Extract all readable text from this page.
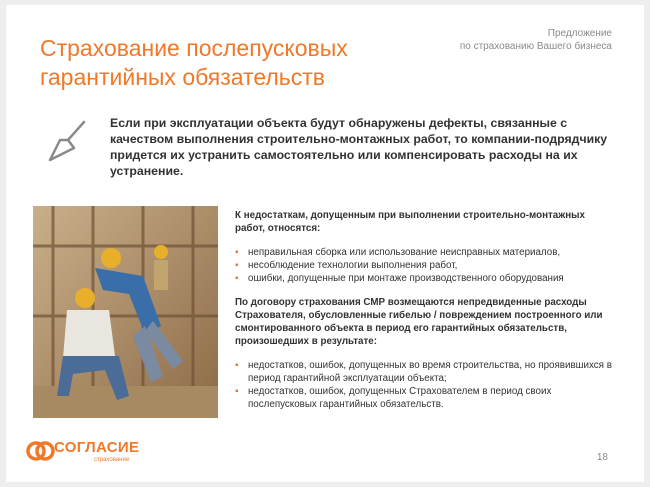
Страхование послепусковых
гарантийных обязательств
Предложение
по страхованию Вашего бизнеса
Если при эксплуатации объекта будут обнаружены дефекты, связанные с качеством выполнения строительно-монтажных работ, то компании-подрядчику придется их устранить самостоятельно или компенсировать расходы на их устранение.
К недостаткам, допущенным при выполнении строительно-монтажных работ, относятся:
▪ неправильная сборка или использование неисправных материалов,
▪ несоблюдение технологии выполнения работ,
▪ ошибки, допущенные при монтаже производственного оборудования
По договору страхования СМР возмещаются непредвиденные расходы Страхователя, обусловленные гибелью / повреждением построенного или смонтированного объекта в период его гарантийных обязательств, произошедших в результате:
▪ недостатков, ошибок, допущенных во время строительства, но проявившихся в период гарантийной эксплуатации объекта;
▪ недостатков, ошибок, допущенных Страхователем в период своих послепусковых гарантийных обязательств.
СОГЛАСИЕ
страхование	18
